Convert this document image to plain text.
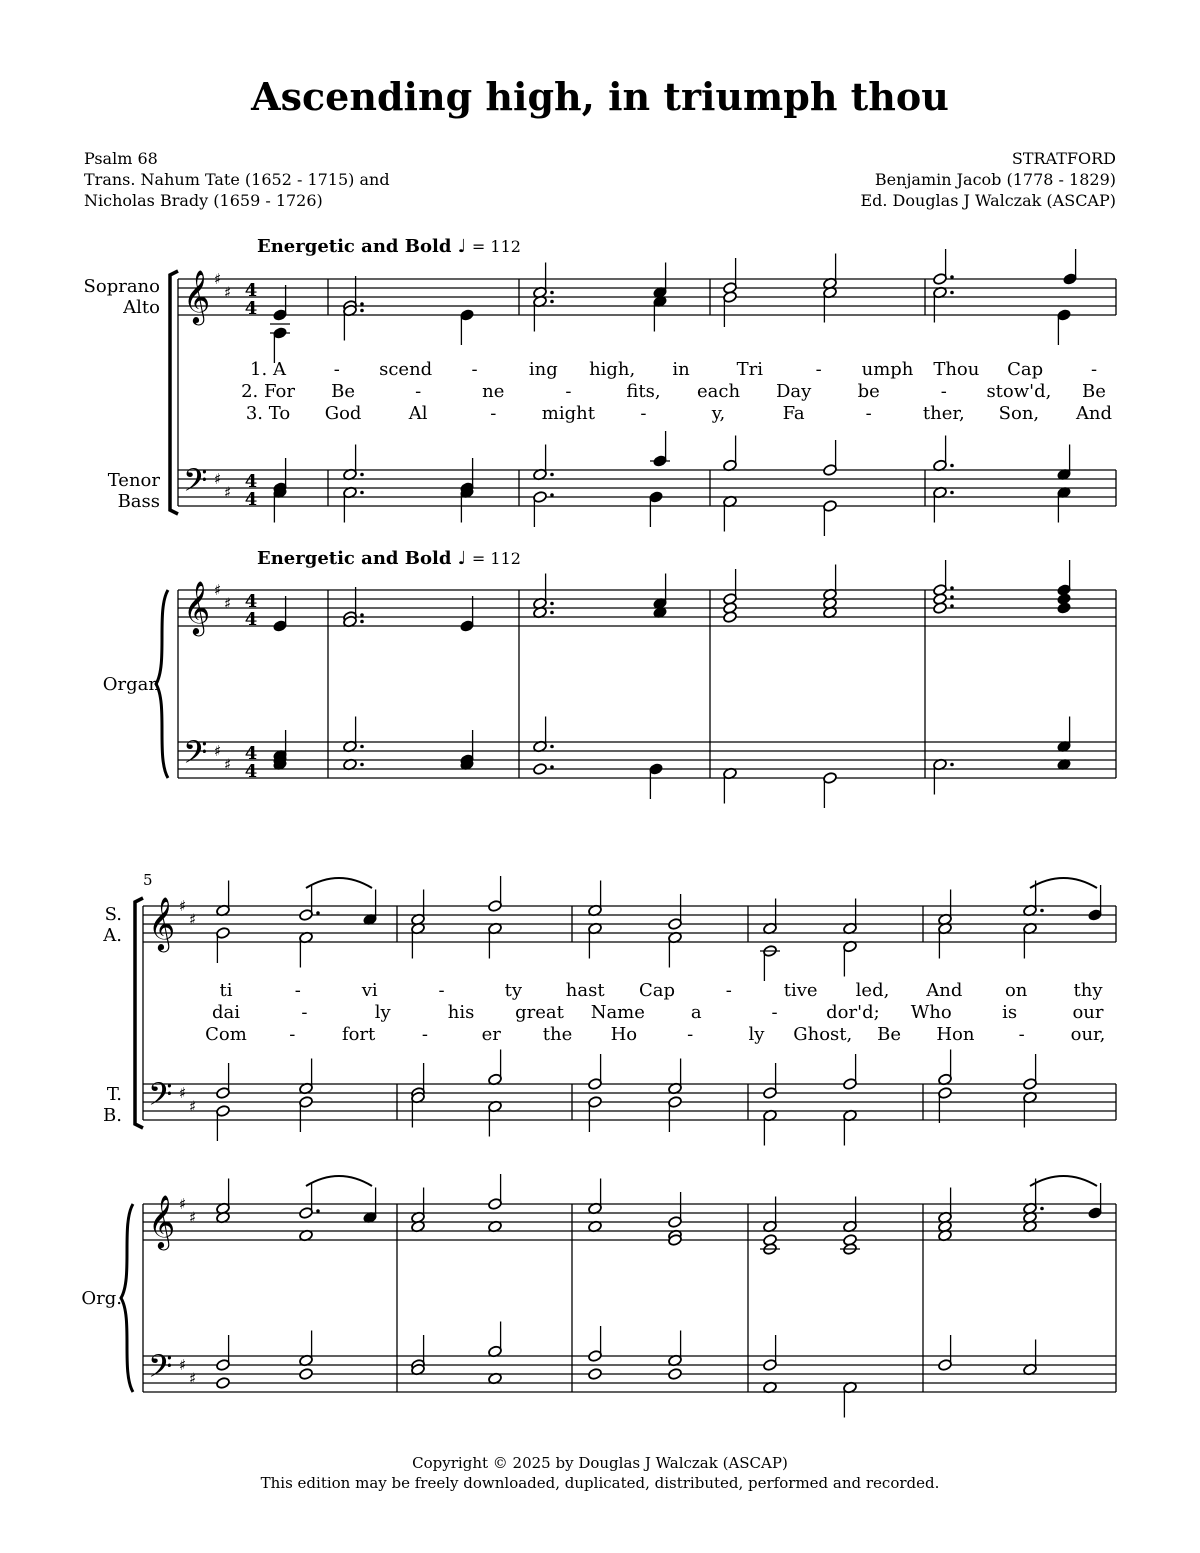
Ascending high, in triumph thou
Psalm 68
Trans. Nahum Tate (1652 - 1715) and
Nicholas Brady (1659 - 1726)
STRATFORD
Benjamin Jacob (1778 - 1829)
Ed. Douglas J Walczak (ASCAP)
Energetic and Bold ♩ = 112
Energetic and Bold ♩ = 112
𝄞
𝄢
𝄞
𝄢
♯
♯
♯
♯
♯
♯
♯
♯
4
4
4
4
4
4
4
4
Soprano
Alto
Tenor
Bass
Organ
1. A	- scend -	ing high, in	Tri	- umph Thou Cap	-
2. For Be	-	ne	-	fits, each Day	be	- stow'd, Be
3. To God	Al	-	might	-	y,	Fa	-	ther, Son, And
5
𝄞
𝄢
𝄞
𝄢
♯
♯
♯
♯
♯
♯
♯
♯
S.
A.
T.
B.
Org.
ti	-	vi	-	ty hast Cap	-	tive led, And on	thy
dai	-	ly	his great Name	a	-	dor'd; Who	is	our
Com -	fort	-	er the Ho	-	ly Ghost, Be Hon -	our,
Copyright © 2025 by Douglas J Walczak (ASCAP)
This edition may be freely downloaded, duplicated, distributed, performed and recorded.
